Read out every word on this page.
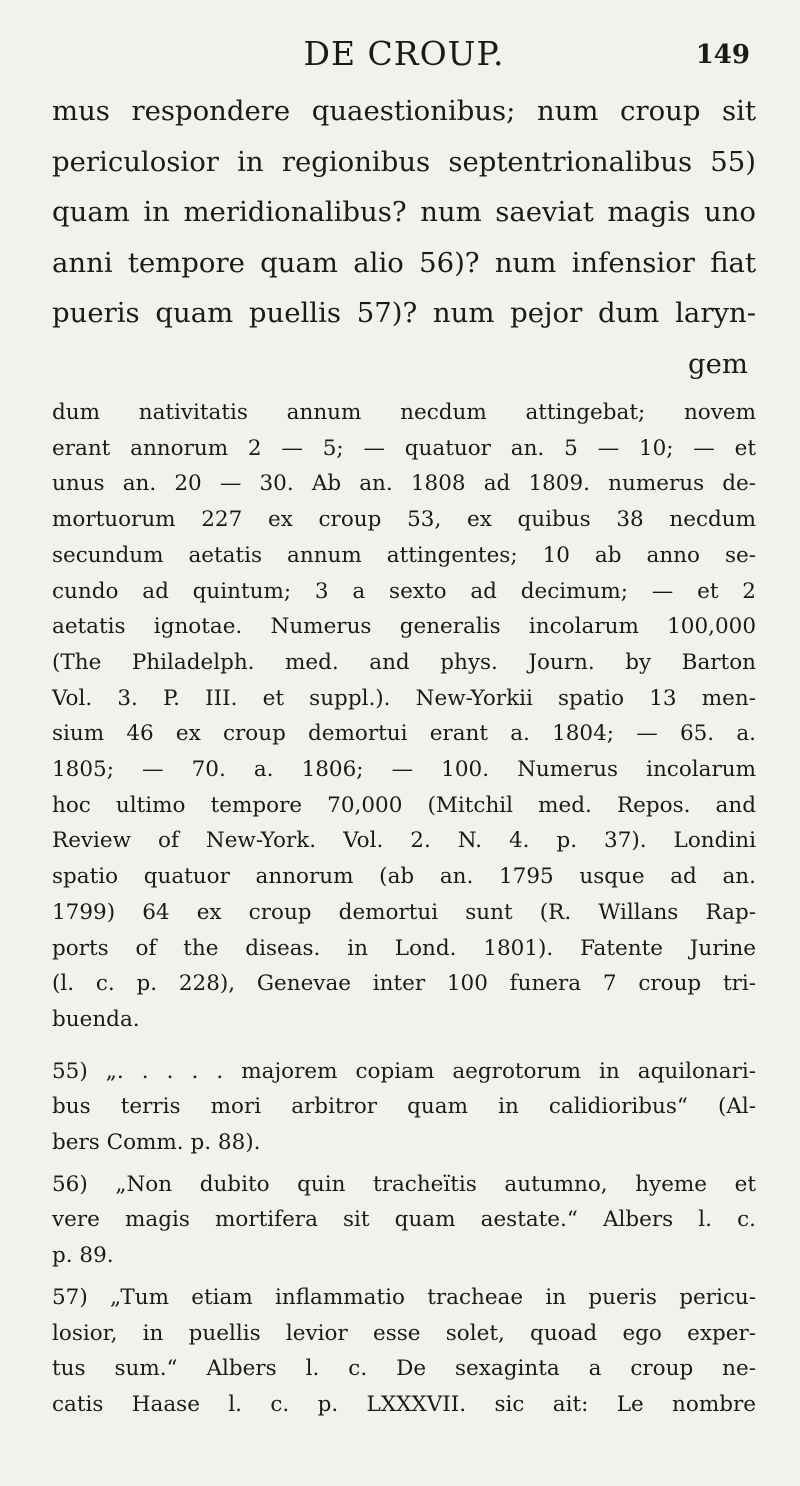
DE CROUP.	149
mus respondere quaestionibus; num croup sit
periculosior in regionibus septentrionalibus 55)
quam in meridionalibus? num saeviat magis uno
anni tempore quam alio 56)? num infensior fiat
pueris quam puellis 57)? num pejor dum laryn-
gem
dum nativitatis annum necdum attingebat; novem
erant annorum 2 — 5; — quatuor an. 5 — 10; — et
unus an. 20 — 30. Ab an. 1808 ad 1809. numerus de-
mortuorum 227 ex croup 53, ex quibus 38 necdum
secundum aetatis annum attingentes; 10 ab anno se-
cundo ad quintum; 3 a sexto ad decimum; — et 2
aetatis ignotae. Numerus generalis incolarum 100,000
(The Philadelph. med. and phys. Journ. by Barton
Vol. 3. P. III. et suppl.). New-Yorkii spatio 13 men-
sium 46 ex croup demortui erant a. 1804; — 65. a.
1805; — 70. a. 1806; — 100. Numerus incolarum
hoc ultimo tempore 70,000 (Mitchil med. Repos. and
Review of New-York. Vol. 2. N. 4. p. 37). Londini
spatio quatuor annorum (ab an. 1795 usque ad an.
1799) 64 ex croup demortui sunt (R. Willans Rap-
ports of the diseas. in Lond. 1801). Fatente Jurine
(l. c. p. 228), Genevae inter 100 funera 7 croup tri-
buenda.
55) „. . . . . majorem copiam aegrotorum in aquilonari-
bus terris mori arbitror quam in calidioribus“ (Al-
bers Comm. p. 88).
56) „Non dubito quin tracheïtis autumno, hyeme et
vere magis mortifera sit quam aestate.“ Albers l. c.
p. 89.
57) „Tum etiam inflammatio tracheae in pueris pericu-
losior, in puellis levior esse solet, quoad ego exper-
tus sum.“ Albers l. c. De sexaginta a croup ne-
catis Haase l. c. p. LXXXVII. sic ait: Le nombre
